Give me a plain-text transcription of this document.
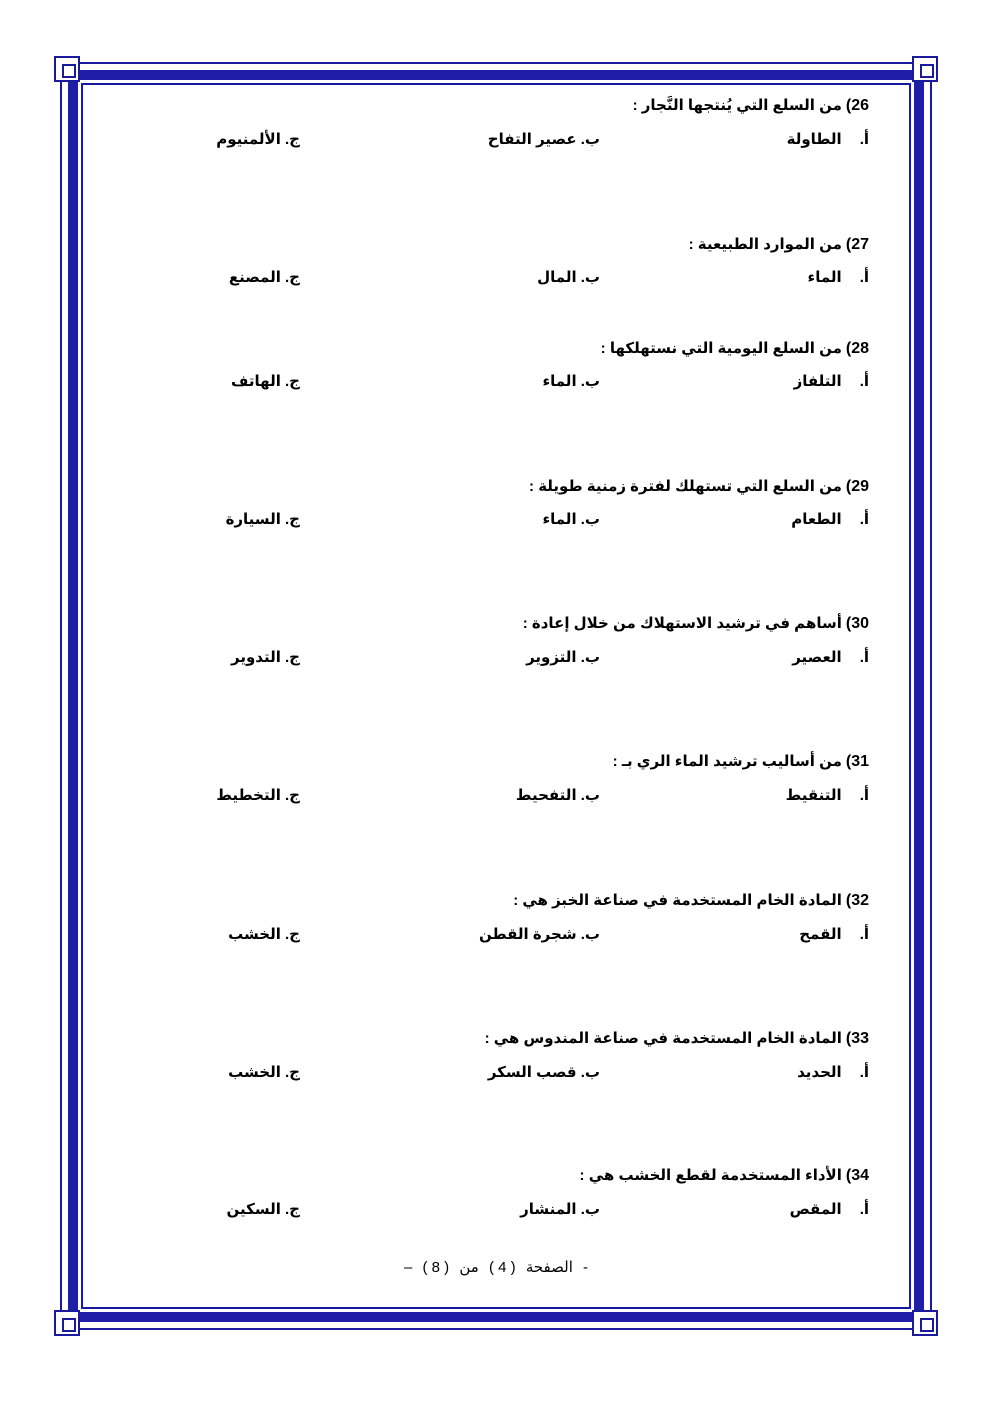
26)من السلع التي يُنتجها النَّجار :
أ.الطاولة
ب. عصير التفاح
ج. الألمنيوم
27)من الموارد الطبيعية :
أ.الماء
ب. المال
ج. المصنع
28)من السلع اليومية التي نستهلكها :
أ.التلفاز
ب. الماء
ج. الهاتف
29)من السلع التي تستهلك لفترة زمنية طويلة :
أ.الطعام
ب. الماء
ج. السيارة
30)أساهم في ترشيد الاستهلاك من خلال إعادة :
أ.العصير
ب. التزوير
ج. التدوير
31)من أساليب ترشيد الماء الري بـ :
أ.التنقيط
ب. التفحيط
ج. التخطيط
32)المادة الخام المستخدمة في صناعة الخبز هي :
أ.القمح
ب. شجرة القطن
ج. الخشب
33)المادة الخام المستخدمة في صناعة المندوس هي :
أ.الحديد
ب. قصب السكر
ج. الخشب
34)الأداء المستخدمة لقطع الخشب هي :
أ.المقص
ب. المنشار
ج. السكين
- الصفحة ( 4 ) من ( 8 ) –
